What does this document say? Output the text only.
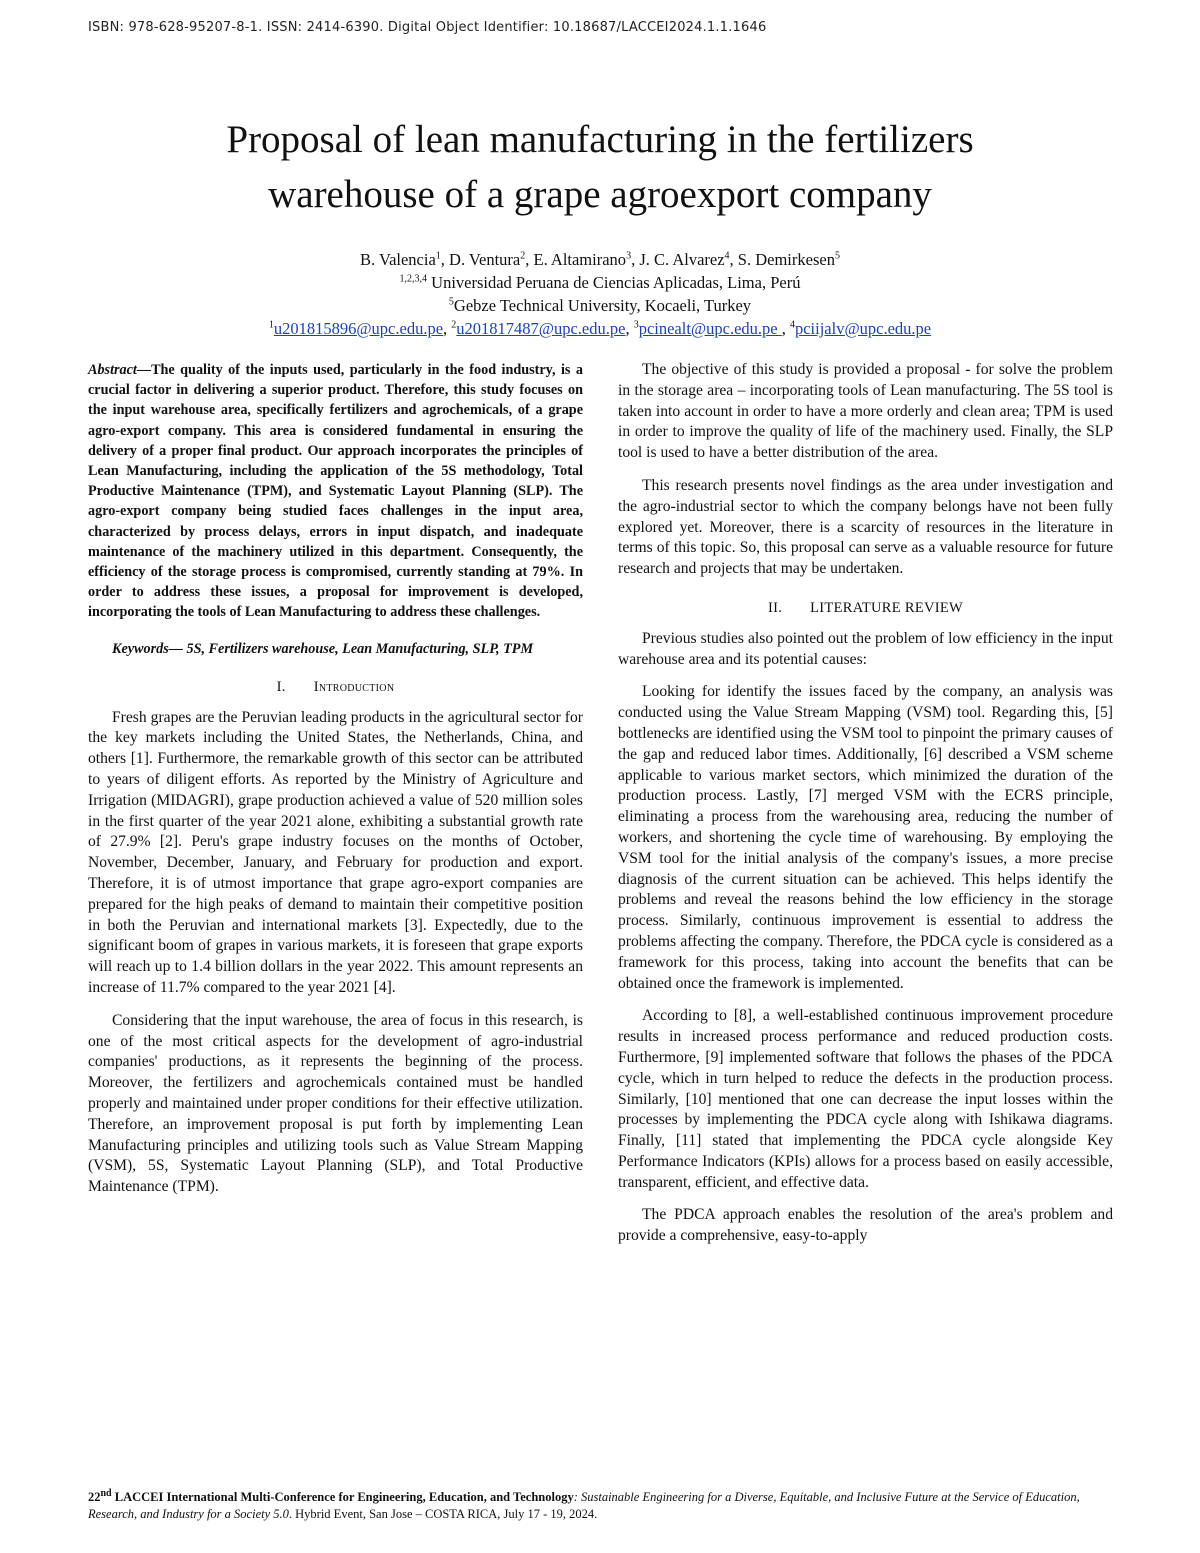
ISBN: 978-628-95207-8-1. ISSN: 2414-6390. Digital Object Identifier: 10.18687/LACCEI2024.1.1.1646
Proposal of lean manufacturing in the fertilizers
warehouse of a grape agroexport company
B. Valencia$^1$, D. Ventura$^2$, E. Altamirano$^3$, J. C. Alvarez$^4$, S. Demirkesen$^5$
$^{1,2,3,4}$ Universidad Peruana de Ciencias Aplicadas, Lima, Perú
$^5$Gebze Technical University, Kocaeli, Turkey
$^1$u201815896@upc.edu.pe, $^2$u201817487@upc.edu.pe, $^3$pcinealt@upc.edu.pe , $^4$pciijalv@upc.edu.pe

Abstract—The quality of the inputs used, particularly in the food industry, is a crucial factor in delivering a superior product. Therefore, this study focuses on the input warehouse area, specifically fertilizers and agrochemicals, of a grape agro-export company. This area is considered fundamental in ensuring the delivery of a proper final product. Our approach incorporates the principles of Lean Manufacturing, including the application of the 5S methodology, Total Productive Maintenance (TPM), and Systematic Layout Planning (SLP). The agro-export company being studied faces challenges in the input area, characterized by process delays, errors in input dispatch, and inadequate maintenance of the machinery utilized in this department. Consequently, the efficiency of the storage process is compromised, currently standing at 79%. In order to address these issues, a proposal for improvement is developed, incorporating the tools of Lean Manufacturing to address these challenges.

Keywords— 5S, Fertilizers warehouse, Lean Manufacturing, SLP, TPM

I. Introduction

Fresh grapes are the Peruvian leading products in the agricultural sector for the key markets including the United States, the Netherlands, China, and others [1]. Furthermore, the remarkable growth of this sector can be attributed to years of diligent efforts. As reported by the Ministry of Agriculture and Irrigation (MIDAGRI), grape production achieved a value of 520 million soles in the first quarter of the year 2021 alone, exhibiting a substantial growth rate of 27.9% [2]. Peru's grape industry focuses on the months of October, November, December, January, and February for production and export. Therefore, it is of utmost importance that grape agro-export companies are prepared for the high peaks of demand to maintain their competitive position in both the Peruvian and international markets [3]. Expectedly, due to the significant boom of grapes in various markets, it is foreseen that grape exports will reach up to 1.4 billion dollars in the year 2022. This amount represents an increase of 11.7% compared to the year 2021 [4].

Considering that the input warehouse, the area of focus in this research, is one of the most critical aspects for the development of agro-industrial companies' productions, as it represents the beginning of the process. Moreover, the fertilizers and agrochemicals contained must be handled properly and maintained under proper conditions for their effective utilization. Therefore, an improvement proposal is put forth by implementing Lean Manufacturing principles and utilizing tools such as Value Stream Mapping (VSM), 5S, Systematic Layout Planning (SLP), and Total Productive Maintenance (TPM).

The objective of this study is provided a proposal - for solve the problem in the storage area – incorporating tools of Lean manufacturing. The 5S tool is taken into account in order to have a more orderly and clean area; TPM is used in order to improve the quality of life of the machinery used. Finally, the SLP tool is used to have a better distribution of the area.

This research presents novel findings as the area under investigation and the agro-industrial sector to which the company belongs have not been fully explored yet. Moreover, there is a scarcity of resources in the literature in terms of this topic. So, this proposal can serve as a valuable resource for future research and projects that may be undertaken.

II. LITERATURE REVIEW

Previous studies also pointed out the problem of low efficiency in the input warehouse area and its potential causes:

Looking for identify the issues faced by the company, an analysis was conducted using the Value Stream Mapping (VSM) tool. Regarding this, [5] bottlenecks are identified using the VSM tool to pinpoint the primary causes of the gap and reduced labor times. Additionally, [6] described a VSM scheme applicable to various market sectors, which minimized the duration of the production process. Lastly, [7] merged VSM with the ECRS principle, eliminating a process from the warehousing area, reducing the number of workers, and shortening the cycle time of warehousing. By employing the VSM tool for the initial analysis of the company's issues, a more precise diagnosis of the current situation can be achieved. This helps identify the problems and reveal the reasons behind the low efficiency in the storage process. Similarly, continuous improvement is essential to address the problems affecting the company. Therefore, the PDCA cycle is considered as a framework for this process, taking into account the benefits that can be obtained once the framework is implemented.

According to [8], a well-established continuous improvement procedure results in increased process performance and reduced production costs. Furthermore, [9] implemented software that follows the phases of the PDCA cycle, which in turn helped to reduce the defects in the production process. Similarly, [10] mentioned that one can decrease the input losses within the processes by implementing the PDCA cycle along with Ishikawa diagrams. Finally, [11] stated that implementing the PDCA cycle alongside Key Performance Indicators (KPIs) allows for a process based on easily accessible, transparent, efficient, and effective data.

The PDCA approach enables the resolution of the area's problem and provide a comprehensive, easy-to-apply

22nd LACCEI International Multi-Conference for Engineering, Education, and Technology: Sustainable Engineering for a Diverse, Equitable, and Inclusive Future at the Service of Education, Research, and Industry for a Society 5.0. Hybrid Event, San Jose – COSTA RICA, July 17 - 19, 2024.
